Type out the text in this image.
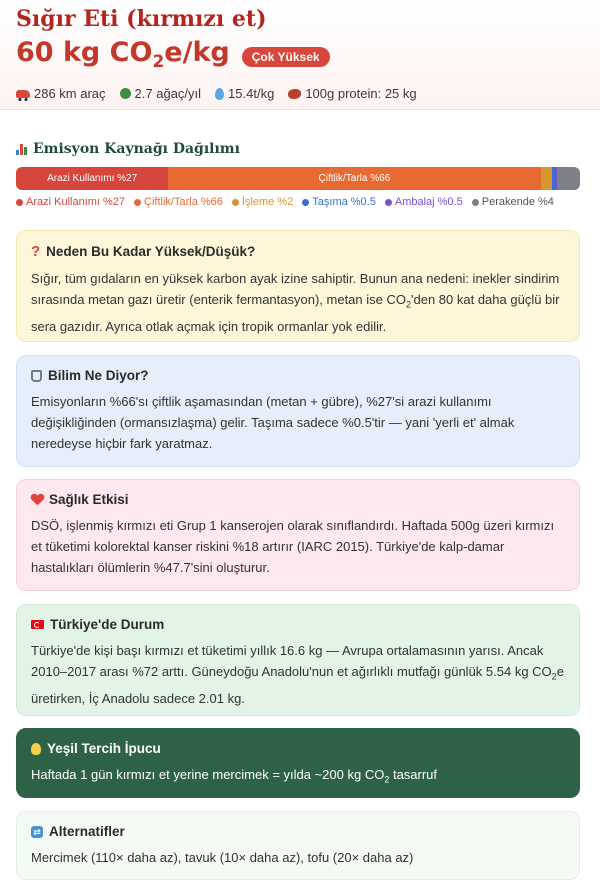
Sığır Eti (kırmızı et)
60 kg $CO_2e/kg$	Çok Yüksek
286 km araç 2.7 ağaç/yıl 15.4t/kg 100g protein: 25 kg
Emisyon Kaynağı Dağılımı
Arazi Kullanımı %27	Çiftlik/Tarla %66
Arazi Kullanımı %27 Çiftlik/Tarla %66 İşleme %2 Taşıma %0.5 Ambalaj %0.5 Perakende %4
? Neden Bu Kadar Yüksek/Düşük?
Sığır, tüm gıdaların en yüksek karbon ayak izine sahiptir. Bunun ana nedeni: inekler sindirim sırasında metan gazı üretir (enterik fermantasyon), metan ise $CO_2'den$ 80 kat daha güçlü bir sera gazıdır. Ayrıca otlak açmak için tropik ormanlar yok edilir.
Bilim Ne Diyor?
Emisyonların %66'sı çiftlik aşamasından (metan + gübre), %27'si arazi kullanımı değişikliğinden (ormansızlaşma) gelir. Taşıma sadece %0.5'tir — yani 'yerli et' almak neredeyse hiçbir fark yaratmaz.
Sağlık Etkisi
DSÖ, işlenmiş kırmızı eti Grup 1 kanserojen olarak sınıflandırdı. Haftada 500g üzeri kırmızı et tüketimi kolorektal kanser riskini %18 artırır (IARC 2015). Türkiye'de kalp-damar hastalıkları ölümlerin %47.7'sini oluşturur.
Türkiye'de Durum
Türkiye'de kişi başı kırmızı et tüketimi yıllık 16.6 kg — Avrupa ortalamasının yarısı. Ancak 2010–2017 arası %72 arttı. Güneydoğu Anadolu'nun et ağırlıklı mutfağı günlük 5.54 kg $CO_2e$ üretirken, İç Anadolu sadece 2.01 kg.
Yeşil Tercih İpucu
Haftada 1 gün kırmızı et yerine mercimek = yılda ~200 kg $CO_2$ tasarruf
⇄ Alternatifler
Mercimek (110× daha az), tavuk (10× daha az), tofu (20× daha az)
